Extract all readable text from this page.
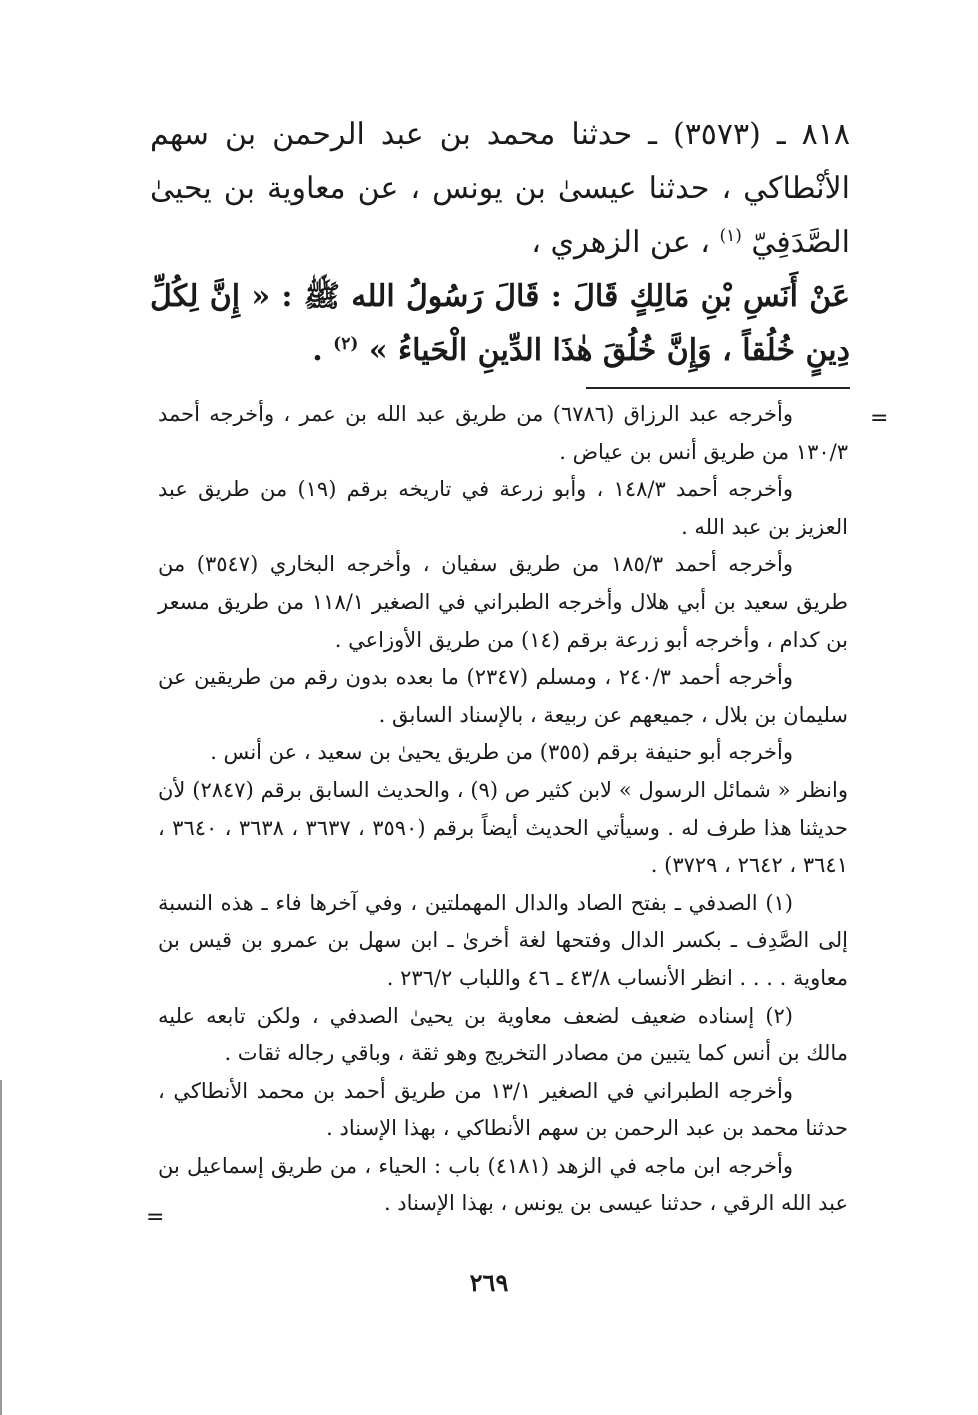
٨١٨ ـ (٣٥٧٣) ـ حدثنا محمد بن عبد الرحمن بن سهم الأنْطاكي ، حدثنا عيسىٰ بن يونس ، عن معاوية بن يحيىٰ الصَّدَفِيّ $^{(١)}$ ، عن الزهري ،

عَنْ أَنَسِ بْنِ مَالِكٍ قَالَ : قَالَ رَسُولُ الله ﷺ : « إِنَّ لِكُلِّ دِينٍ خُلُقاً ، وَإِنَّ خُلُقَ هٰذَا الدِّينِ الْحَياءُ » $^{(٢)}$ .

=

وأخرجه عبد الرزاق (٦٧٨٦) من طريق عبد الله بن عمر ، وأخرجه أحمد ١٣٠/٣ من طريق أنس بن عياض .

وأخرجه أحمد ١٤٨/٣ ، وأبو زرعة في تاريخه برقم (١٩) من طريق عبد العزيز بن عبد الله .

وأخرجه أحمد ١٨٥/٣ من طريق سفيان ، وأخرجه البخاري (٣٥٤٧) من طريق سعيد بن أبي هلال وأخرجه الطبراني في الصغير ١١٨/١ من طريق مسعر بن كدام ، وأخرجه أبو زرعة برقم (١٤) من طريق الأوزاعي .

وأخرجه أحمد ٢٤٠/٣ ، ومسلم (٢٣٤٧) ما بعده بدون رقم من طريقين عن سليمان بن بلال ، جميعهم عن ربيعة ، بالإسناد السابق .

وأخرجه أبو حنيفة برقم (٣٥٥) من طريق يحيىٰ بن سعيد ، عن أنس .

وانظر « شمائل الرسول » لابن كثير ص (٩) ، والحديث السابق برقم (٢٨٤٧) لأن حديثنا هذا طرف له . وسيأتي الحديث أيضاً برقم (٣٥٩٠ ، ٣٦٣٧ ، ٣٦٣٨ ، ٣٦٤٠ ، ٣٦٤١ ، ٢٦٤٢ ، ٣٧٢٩) .

(١) الصدفي ـ بفتح الصاد والدال المهملتين ، وفي آخرها فاء ـ هذه النسبة إلى الصَّدِف ـ بكسر الدال وفتحها لغة أخرىٰ ـ ابن سهل بن عمرو بن قيس بن معاوية . . . . انظر الأنساب ٤٣/٨ ـ ٤٦ واللباب ٢٣٦/٢ .

(٢) إسناده ضعيف لضعف معاوية بن يحيىٰ الصدفي ، ولكن تابعه عليه مالك بن أنس كما يتبين من مصادر التخريج وهو ثقة ، وباقي رجاله ثقات .

وأخرجه الطبراني في الصغير ١٣/١ من طريق أحمد بن محمد الأنطاكي ، حدثنا محمد بن عبد الرحمن بن سهم الأنطاكي ، بهذا الإسناد .

وأخرجه ابن ماجه في الزهد (٤١٨١) باب : الحياء ، من طريق إسماعيل بن عبد الله الرقي ، حدثنا عيسى بن يونس ، بهذا الإسناد .

=
٢٦٩
